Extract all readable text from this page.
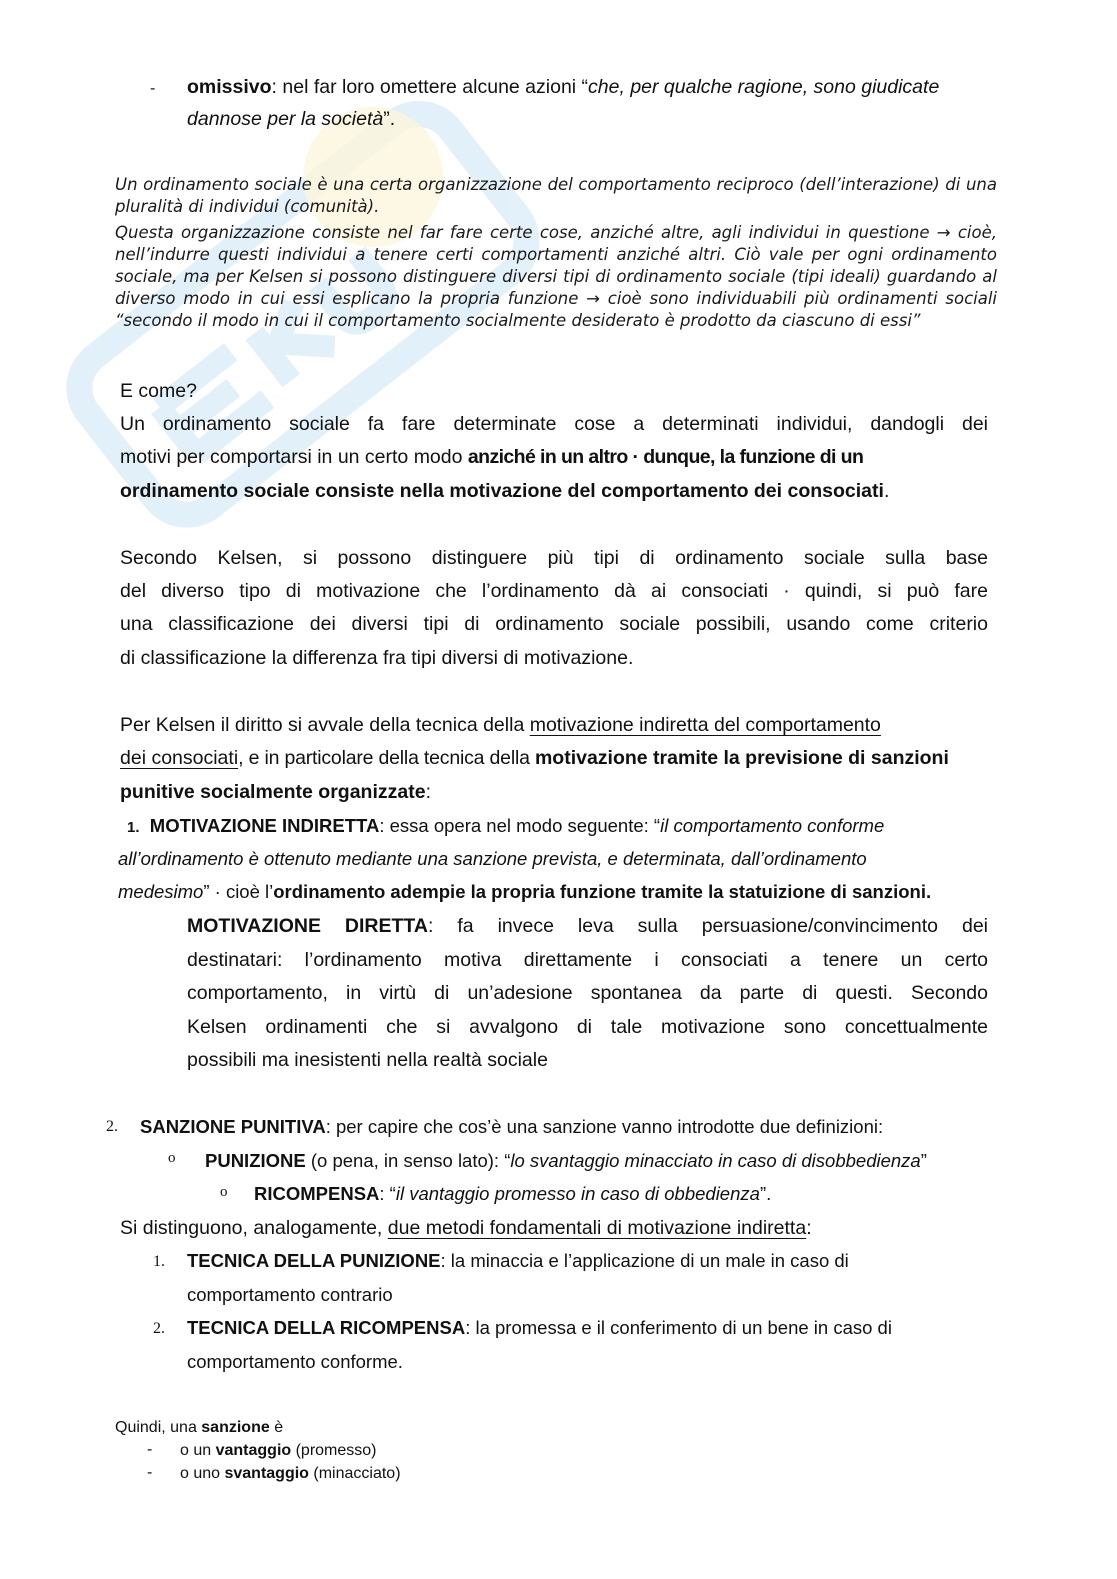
- omissivo: nel far loro omettere alcune azioni “che, per qualche ragione, sono giudicate
dannose per la società”.
Un ordinamento sociale è una certa organizzazione del comportamento reciproco (dell’interazione) di una pluralità di individui (comunità).
Questa organizzazione consiste nel far fare certe cose, anziché altre, agli individui in questione → cioè, nell’indurre questi individui a tenere certi comportamenti anziché altri. Ciò vale per ogni ordinamento sociale, ma per Kelsen si possono distinguere diversi tipi di ordinamento sociale (tipi ideali) guardando al diverso modo in cui essi esplicano la propria funzione → cioè sono individuabili più ordinamenti sociali “secondo il modo in cui il comportamento socialmente desiderato è prodotto da ciascuno di essi”
E come?
Un ordinamento sociale fa fare determinate cose a determinati individui, dandogli dei
motivi per comportarsi in un certo modo anziché in un altro · dunque, la funzione di un
ordinamento sociale consiste nella motivazione del comportamento dei consociati.
Secondo Kelsen, si possono distinguere più tipi di ordinamento sociale sulla base
del diverso tipo di motivazione che l’ordinamento dà ai consociati · quindi, si può fare
una classificazione dei diversi tipi di ordinamento sociale possibili, usando come criterio
di classificazione la differenza fra tipi diversi di motivazione.
Per Kelsen il diritto si avvale della tecnica della motivazione indiretta del comportamento
dei consociati, e in particolare della tecnica della motivazione tramite la previsione di sanzioni
punitive socialmente organizzate:
1. MOTIVAZIONE INDIRETTA: essa opera nel modo seguente: “il comportamento conforme
all’ordinamento è ottenuto mediante una sanzione prevista, e determinata, dall’ordinamento
medesimo” · cioè l’ordinamento adempie la propria funzione tramite la statuizione di sanzioni.
MOTIVAZIONE DIRETTA: fa invece leva sulla persuasione/convincimento dei
destinatari: l’ordinamento motiva direttamente i consociati a tenere un certo
comportamento, in virtù di un’adesione spontanea da parte di questi. Secondo
Kelsen ordinamenti che si avvalgono di tale motivazione sono concettualmente
possibili ma inesistenti nella realtà sociale
2. SANZIONE PUNITIVA: per capire che cos’è una sanzione vanno introdotte due definizioni:
o PUNIZIONE (o pena, in senso lato): “lo svantaggio minacciato in caso di disobbedienza”
o RICOMPENSA: “il vantaggio promesso in caso di obbedienza”.
Si distinguono, analogamente, due metodi fondamentali di motivazione indiretta:
1. TECNICA DELLA PUNIZIONE: la minaccia e l’applicazione di un male in caso di
comportamento contrario
2. TECNICA DELLA RICOMPENSA: la promessa e il conferimento di un bene in caso di
comportamento conforme.
Quindi, una sanzione è
- o un vantaggio (promesso)
- o uno svantaggio (minacciato)
